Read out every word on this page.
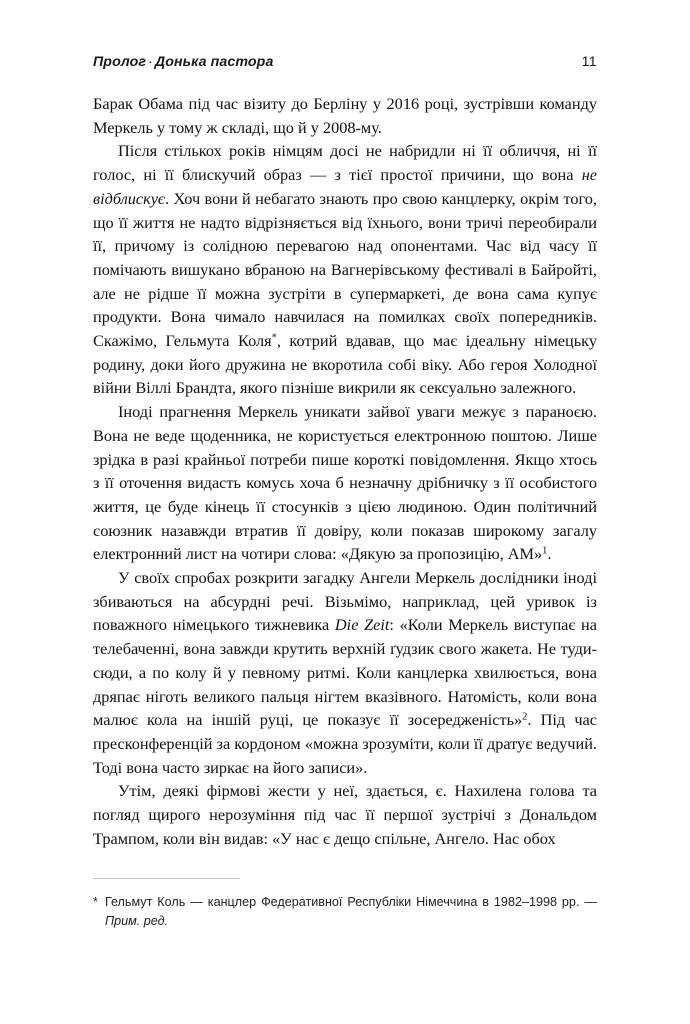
Пролог · Донька пастора	11

Барак Обама під час візиту до Берліну у 2016 році, зустрівши команду Меркель у тому ж складі, що й у 2008-му.

Після стількох років німцям досі не набридли ні її обличчя, ні її голос, ні її блискучий образ — з тієї простої причини, що вона не відблискує. Хоч вони й небагато знають про свою канцлерку, окрім того, що її життя не надто відрізняється від їхнього, вони тричі переобирали її, причому із солідною перевагою над опонентами. Час від часу її помічають вишукано вбраною на Вагнерівському фестивалі в Байройті, але не рідше її можна зустріти в супермаркеті, де вона сама купує продукти. Вона чимало навчилася на помилках своїх попередників. Скажімо, Гельмута Коля*, котрий вдавав, що має ідеальну німецьку родину, доки його дружина не вкоротила собі віку. Або героя Холодної війни Віллі Брандта, якого пізніше викрили як сексуально залежного.

Іноді прагнення Меркель уникати зайвої уваги межує з параноєю. Вона не веде щоденника, не користується електронною поштою. Лише зрідка в разі крайньої потреби пише короткі повідомлення. Якщо хтось з її оточення видасть комусь хоча б незначну дрібничку з її особистого життя, це буде кінець її стосунків з цією людиною. Один політичний союзник назавжди втратив її довіру, коли показав широкому загалу електронний лист на чотири слова: «Дякую за пропозицію, АМ»$^1$.

У своїх спробах розкрити загадку Ангели Меркель дослідники іноді збиваються на абсурдні речі. Візьмімо, наприклад, цей уривок із поважного німецького тижневика Die Zeit: «Коли Меркель виступає на телебаченні, вона завжди крутить верхній ґудзик свого жакета. Не туди-сюди, а по колу й у певному ритмі. Коли канцлерка хвилюється, вона дряпає ніготь великого пальця нігтем вказівного. Натомість, коли вона малює кола на іншій руці, це показує її зосередженість»$^2$. Під час пресконференцій за кордоном «можна зрозуміти, коли її дратує ведучий. Тоді вона часто зиркає на його записи».

Утім, деякі фірмові жести у неї, здається, є. Нахилена голова та погляд щирого нерозуміння під час її першої зустрічі з Дональдом Трампом, коли він видав: «У нас є дещо спільне, Ангело. Нас обох

* Гельмут Коль — канцлер Федеративної Республіки Німеччина в 1982–1998 рр. — Прим. ред.
